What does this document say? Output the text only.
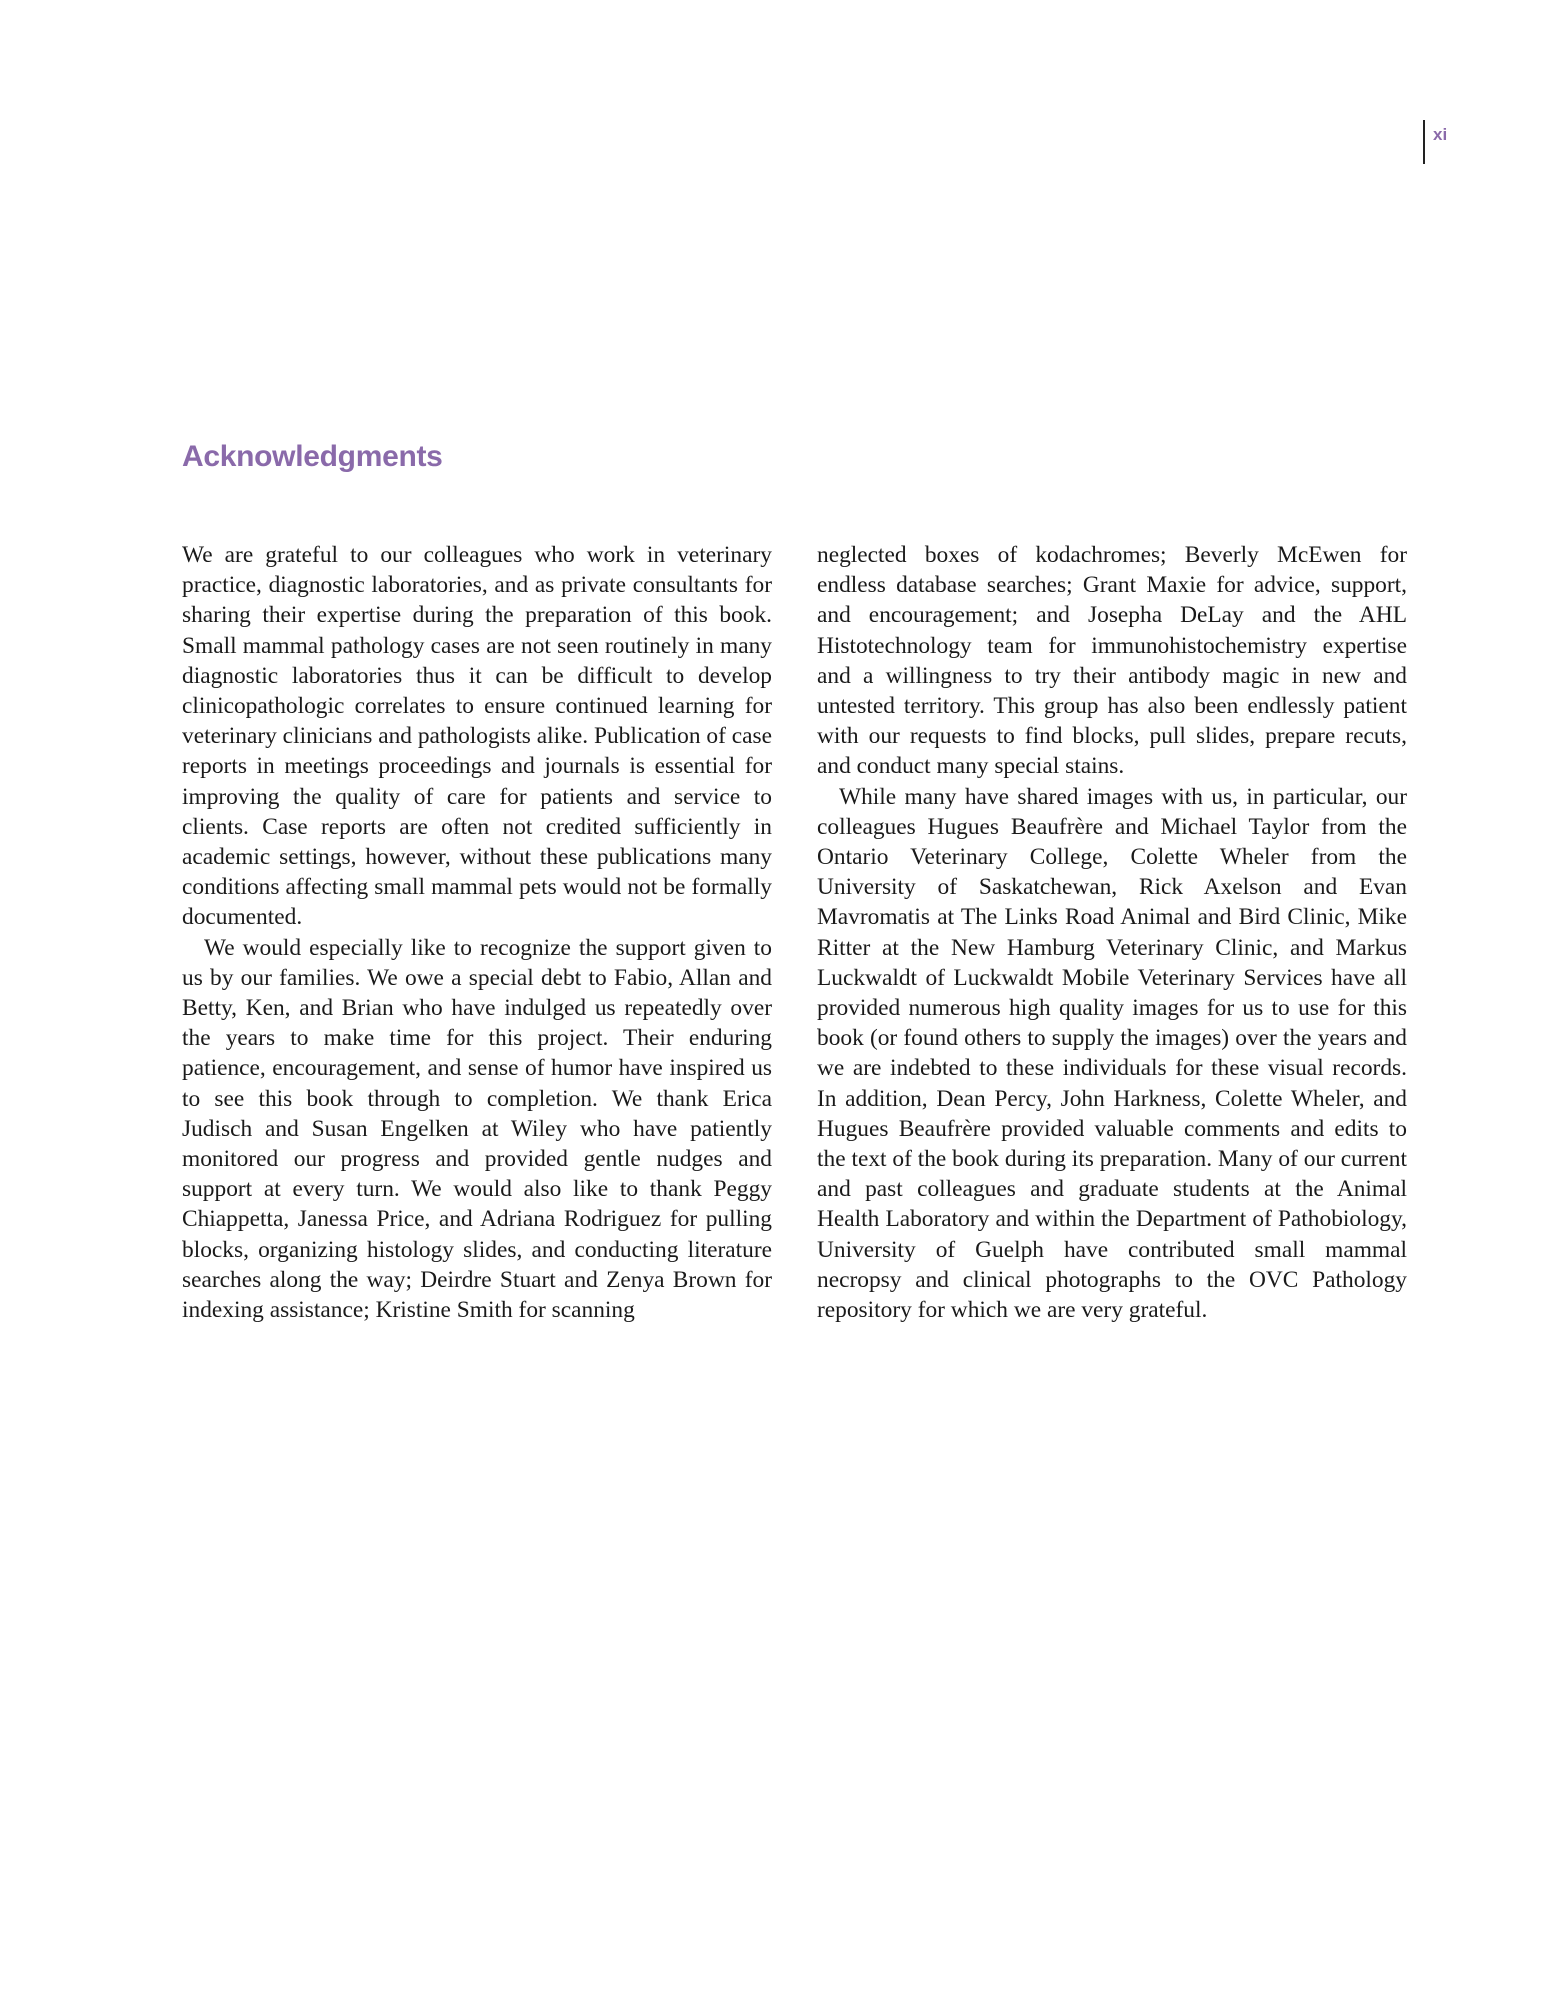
xi
Acknowledgments

We are grateful to our colleagues who work in veterinary practice, diagnostic laboratories, and as private consultants for sharing their expertise during the preparation of this book. Small mammal pathology cases are not seen routinely in many diagnostic laboratories thus it can be difficult to develop clinicopathologic correlates to ensure continued learning for veterinary clinicians and pathologists alike. Publication of case reports in meetings proceedings and journals is essential for improving the quality of care for patients and service to clients. Case reports are often not credited sufficiently in academic settings, however, without these publications many conditions affecting small mammal pets would not be formally documented.

We would especially like to recognize the support given to us by our families. We owe a special debt to Fabio, Allan and Betty, Ken, and Brian who have indulged us repeatedly over the years to make time for this project. Their enduring patience, encouragement, and sense of humor have inspired us to see this book through to completion. We thank Erica Judisch and Susan Engelken at Wiley who have patiently monitored our progress and provided gentle nudges and support at every turn. We would also like to thank Peggy Chiappetta, Janessa Price, and Adriana Rodriguez for pulling blocks, organizing histology slides, and conducting literature searches along the way; Deirdre Stuart and Zenya Brown for indexing assistance; Kristine Smith for scanning

neglected boxes of kodachromes; Beverly McEwen for endless database searches; Grant Maxie for advice, support, and encouragement; and Josepha DeLay and the AHL Histotechnology team for immunohistochemistry expertise and a willingness to try their antibody magic in new and untested territory. This group has also been endlessly patient with our requests to find blocks, pull slides, prepare recuts, and conduct many special stains.

While many have shared images with us, in particular, our colleagues Hugues Beaufrère and Michael Taylor from the Ontario Veterinary College, Colette Wheler from the University of Saskatchewan, Rick Axelson and Evan Mavromatis at The Links Road Animal and Bird Clinic, Mike Ritter at the New Hamburg Veterinary Clinic, and Markus Luckwaldt of Luckwaldt Mobile Veterinary Services have all provided numerous high quality images for us to use for this book (or found others to supply the images) over the years and we are indebted to these individuals for these visual records. In addition, Dean Percy, John Harkness, Colette Wheler, and Hugues Beaufrère provided valuable comments and edits to the text of the book during its preparation. Many of our current and past colleagues and graduate students at the Animal Health Laboratory and within the Department of Pathobiology, University of Guelph have contributed small mammal necropsy and clinical photographs to the OVC Pathology repository for which we are very grateful.
